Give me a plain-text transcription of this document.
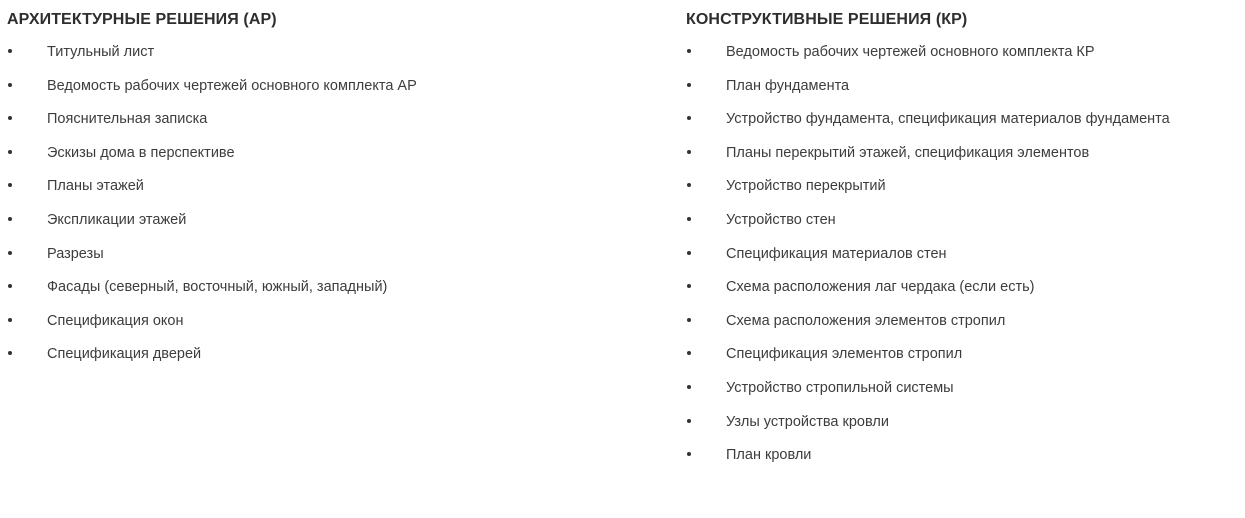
АРХИТЕКТУРНЫЕ РЕШЕНИЯ (АР)
Титульный лист
Ведомость рабочих чертежей основного комплекта АР
Пояснительная записка
Эскизы дома в перспективе
Планы этажей
Экспликации этажей
Разрезы
Фасады (северный, восточный, южный, западный)
Спецификация окон
Спецификация дверей
КОНСТРУКТИВНЫЕ РЕШЕНИЯ (КР)
Ведомость рабочих чертежей основного комплекта КР
План фундамента
Устройство фундамента, спецификация материалов фундамента
Планы перекрытий этажей, спецификация элементов
Устройство перекрытий
Устройство стен
Спецификация материалов стен
Схема расположения лаг чердака (если есть)
Схема расположения элементов стропил
Спецификация элементов стропил
Устройство стропильной системы
Узлы устройства кровли
План кровли
